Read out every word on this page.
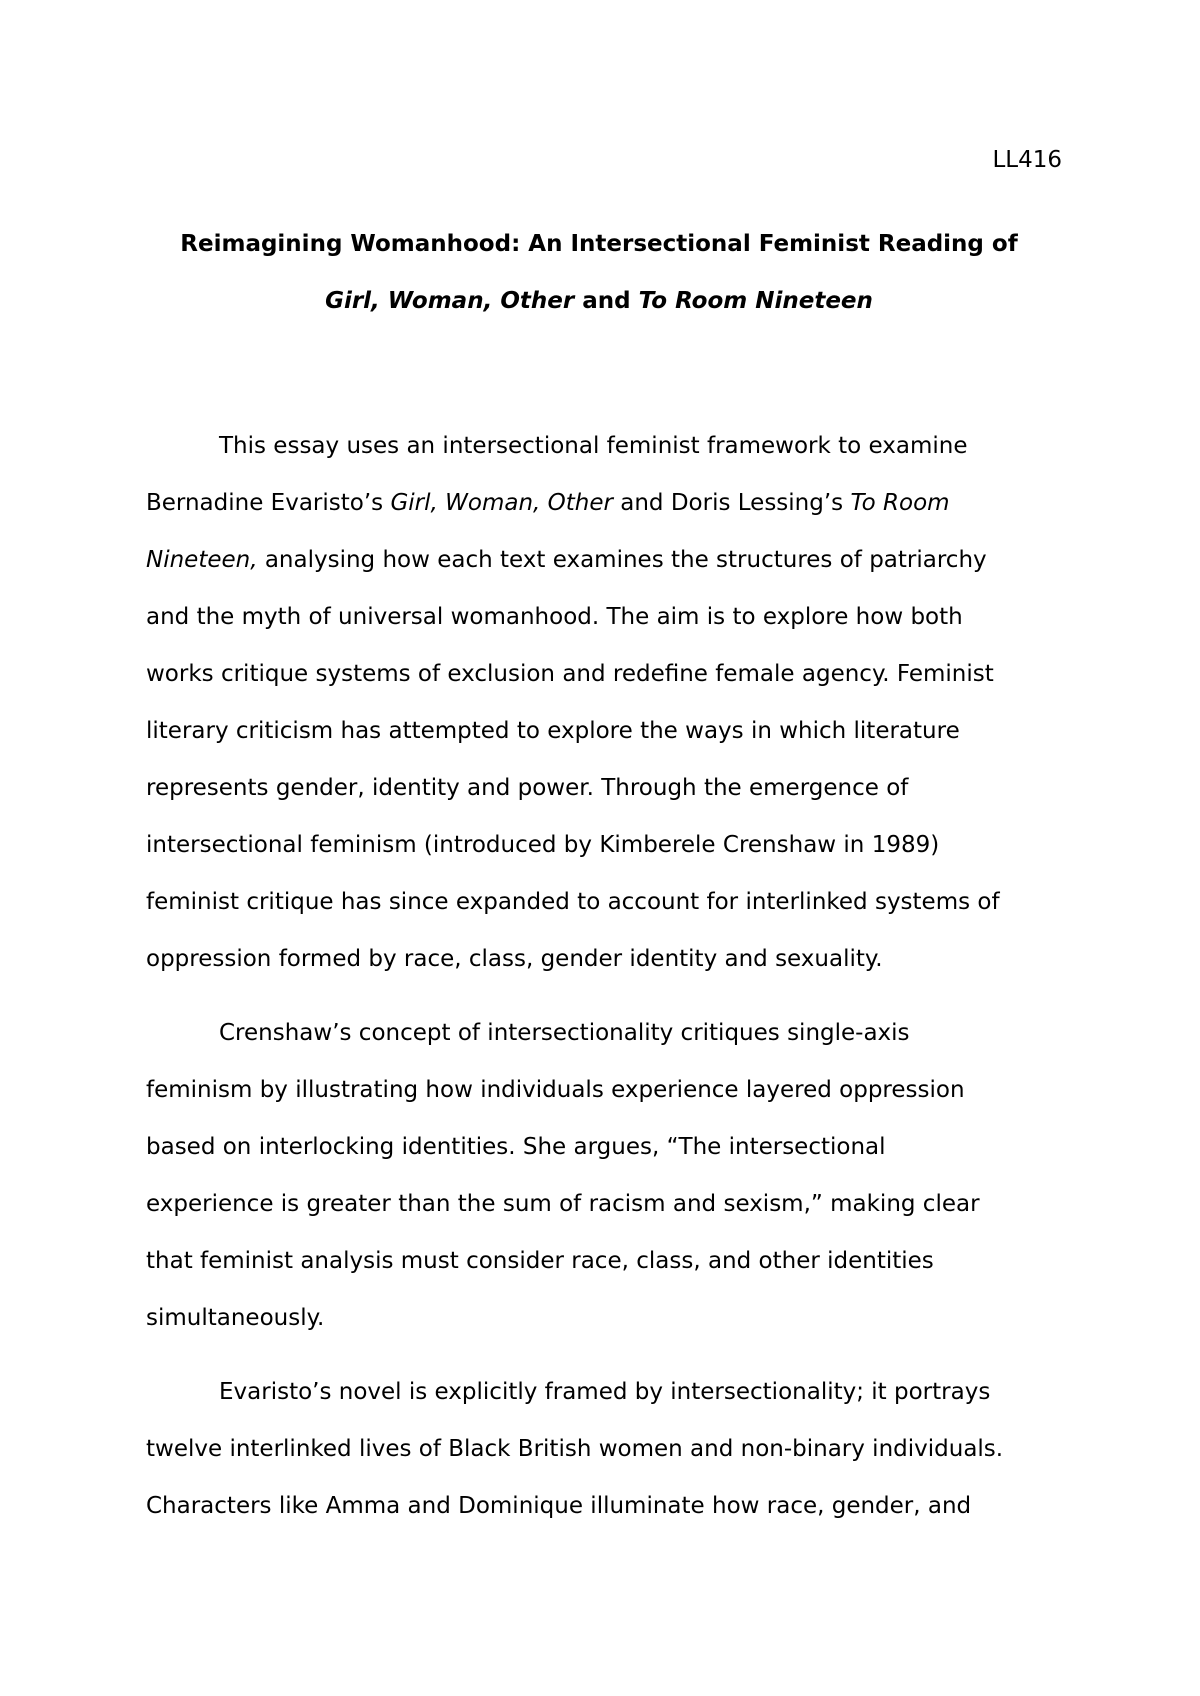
LL416
Reimagining Womanhood: An Intersectional Feminist Reading of
Girl, Woman, Other and To Room Nineteen
This essay uses an intersectional feminist framework to examine
Bernadine Evaristo’s Girl, Woman, Other and Doris Lessing’s To Room
Nineteen, analysing how each text examines the structures of patriarchy
and the myth of universal womanhood. The aim is to explore how both
works critique systems of exclusion and redefine female agency. Feminist
literary criticism has attempted to explore the ways in which literature
represents gender, identity and power. Through the emergence of
intersectional feminism (introduced by Kimberele Crenshaw in 1989)
feminist critique has since expanded to account for interlinked systems of
oppression formed by race, class, gender identity and sexuality.
Crenshaw’s concept of intersectionality critiques single-axis
feminism by illustrating how individuals experience layered oppression
based on interlocking identities. She argues, “The intersectional
experience is greater than the sum of racism and sexism,” making clear
that feminist analysis must consider race, class, and other identities
simultaneously.
Evaristo’s novel is explicitly framed by intersectionality; it portrays
twelve interlinked lives of Black British women and non-binary individuals.
Characters like Amma and Dominique illuminate how race, gender, and
